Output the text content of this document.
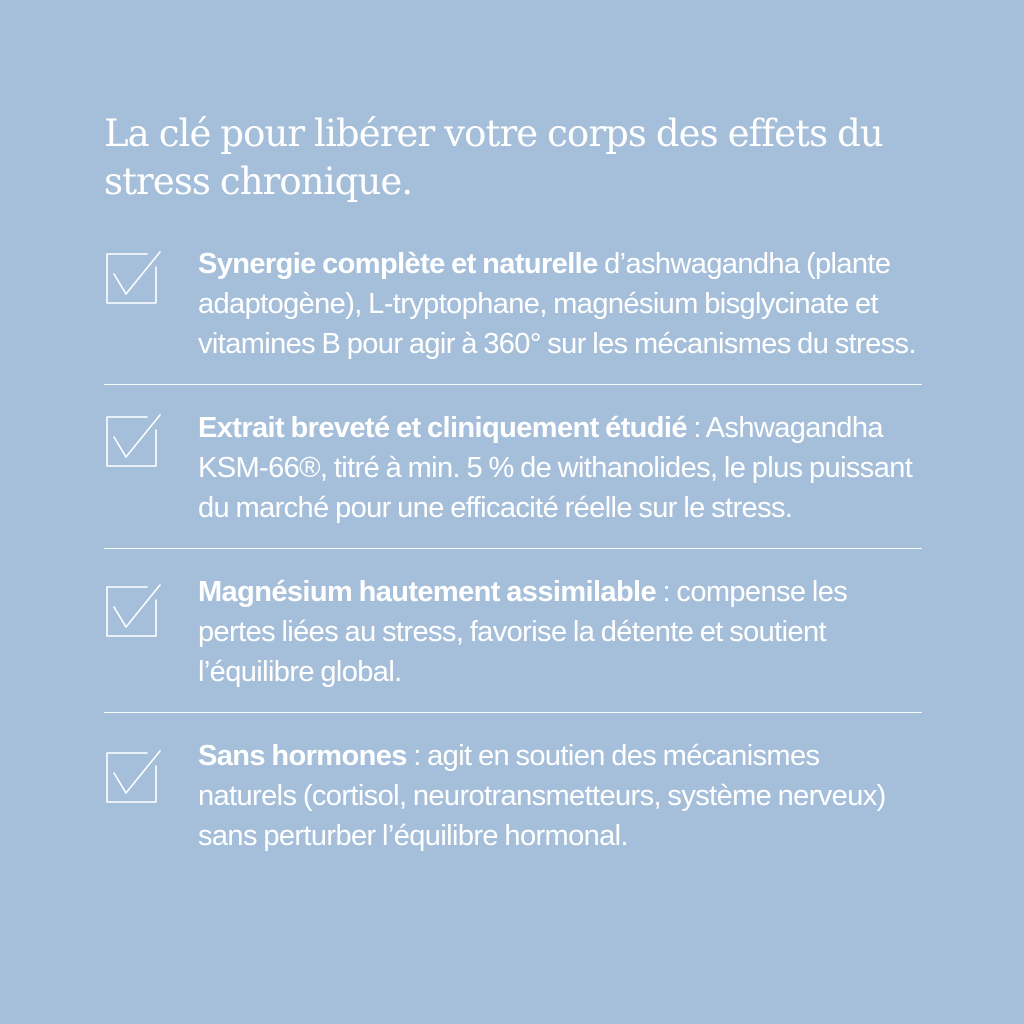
La clé pour libérer votre corps des effets du stress chronique.

Synergie complète et naturelle d’ashwagandha (plante adaptogène), L-tryptophane, magnésium bisglycinate et vitamines B pour agir à 360° sur les mécanismes du stress.

Extrait breveté et cliniquement étudié : Ashwagandha KSM-66®, titré à min. 5 % de withanolides, le plus puissant du marché pour une efficacité réelle sur le stress.

Magnésium hautement assimilable : compense les pertes liées au stress, favorise la détente et soutient l’équilibre global.

Sans hormones : agit en soutien des mécanismes naturels (cortisol, neurotransmetteurs, système nerveux) sans perturber l’équilibre hormonal.
